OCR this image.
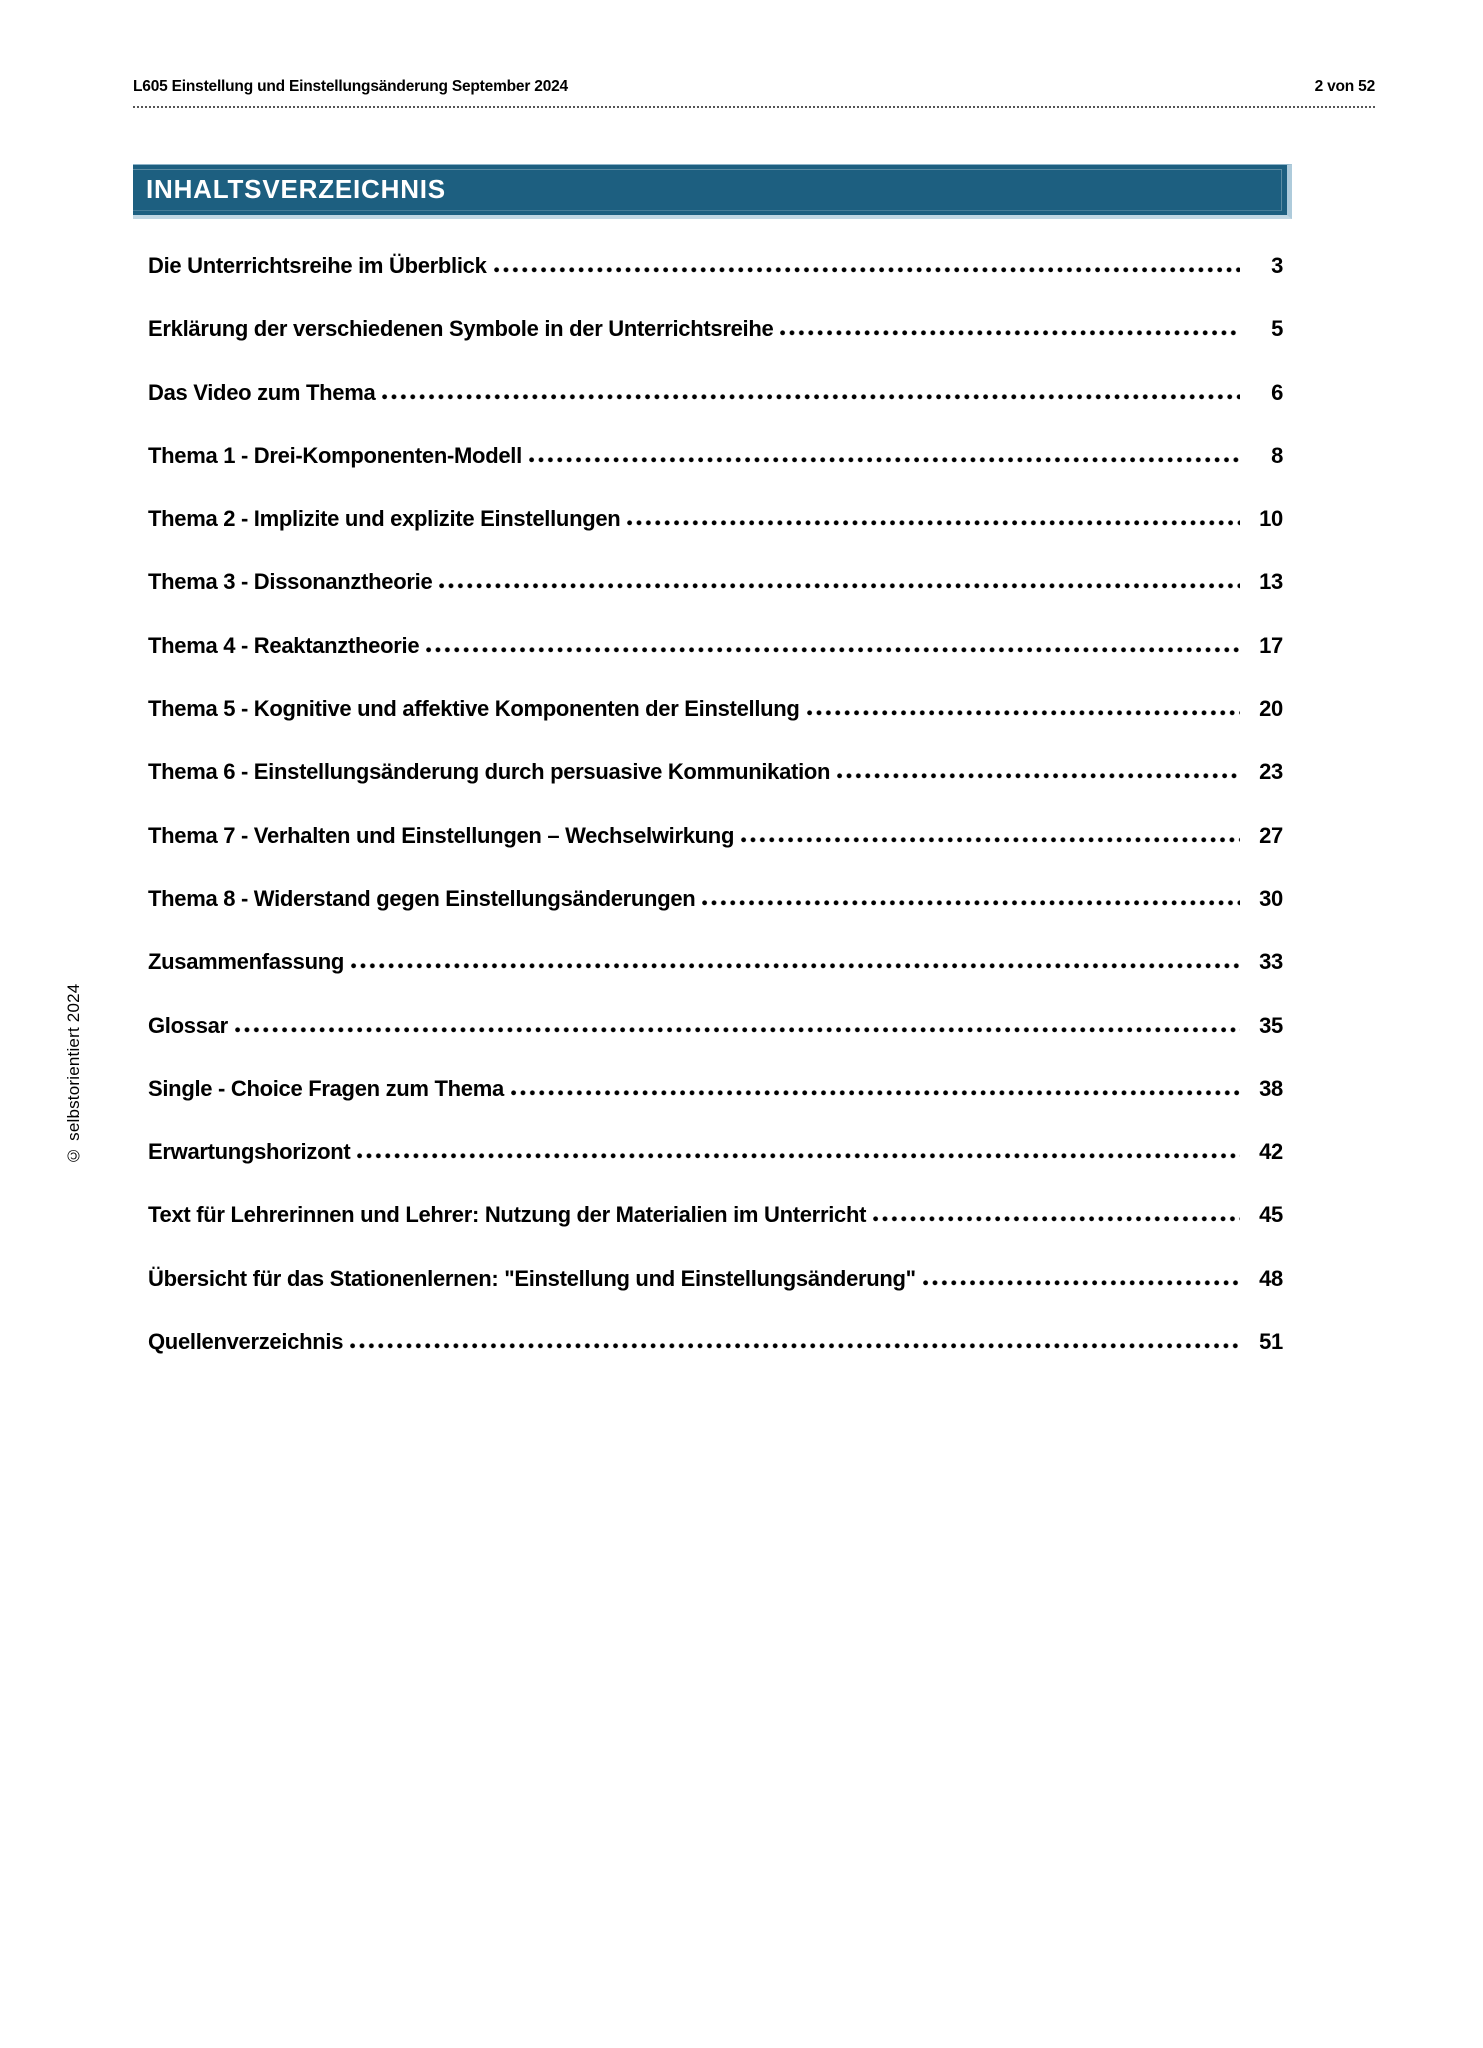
L605 Einstellung und Einstellungsänderung September 2024	2 von 52
INHALTSVERZEICHNIS
Die Unterrichtsreihe im Überblick	3
Erklärung der verschiedenen Symbole in der Unterrichtsreihe	5
Das Video zum Thema	6
Thema 1 - Drei-Komponenten-Modell	8
Thema 2 - Implizite und explizite Einstellungen	10
Thema 3 - Dissonanztheorie	13
Thema 4 - Reaktanztheorie	17
Thema 5 - Kognitive und affektive Komponenten der Einstellung	20
Thema 6 - Einstellungsänderung durch persuasive Kommunikation	23
Thema 7 - Verhalten und Einstellungen – Wechselwirkung	27
Thema 8 - Widerstand gegen Einstellungsänderungen	30
Zusammenfassung	33
Glossar	35
Single - Choice Fragen zum Thema	38
Erwartungshorizont	42
Text für Lehrerinnen und Lehrer: Nutzung der Materialien im Unterricht	45
Übersicht für das Stationenlernen: "Einstellung und Einstellungsänderung"	48
Quellenverzeichnis	51
© selbstorientiert 2024
